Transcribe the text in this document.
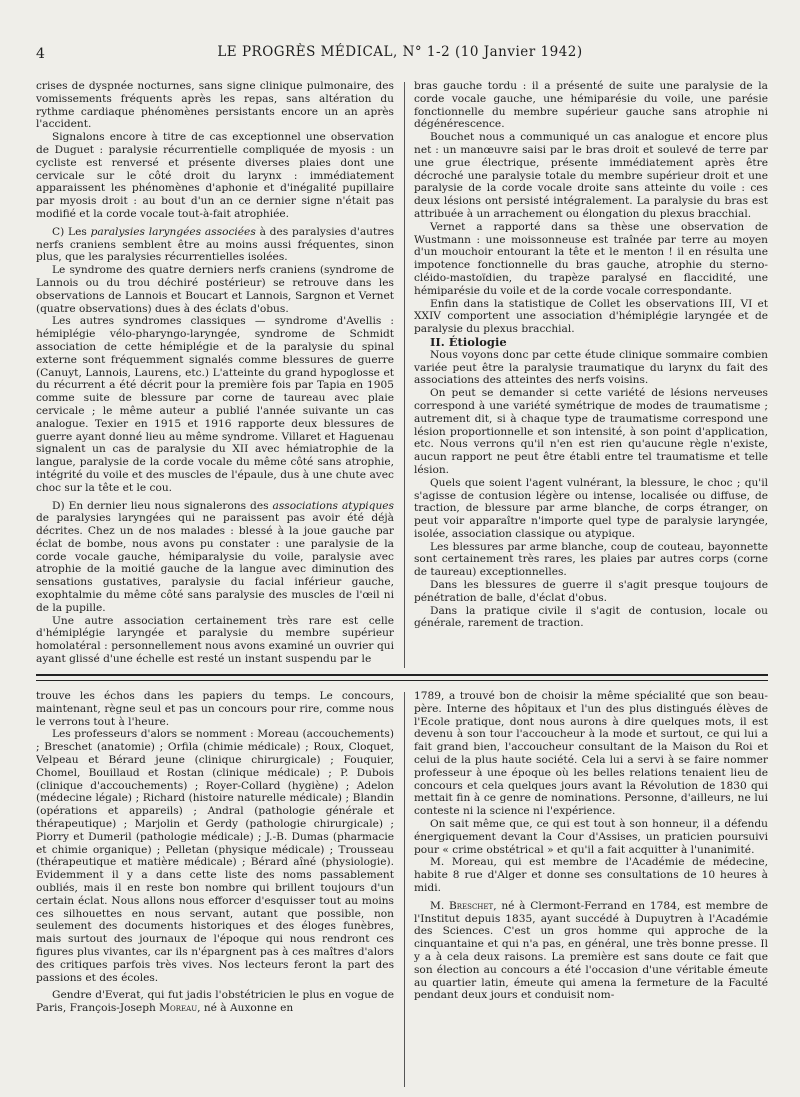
4	LE PROGRÈS MÉDICAL, N° 1-2 (10 Janvier 1942)

crises de dyspnée nocturnes, sans signe clinique pulmonaire, des vomissements fréquents après les repas, sans altération du rythme cardiaque phénomènes persistants encore un an après l'accident.

Signalons encore à titre de cas exceptionnel une observation de Duguet : paralysie récurrentielle compliquée de myosis : un cycliste est renversé et présente diverses plaies dont une cervicale sur le côté droit du larynx : immédiatement apparaissent les phénomènes d'aphonie et d'inégalité pupillaire par myosis droit : au bout d'un an ce dernier signe n'était pas modifié et la corde vocale tout-à-fait atrophiée.

C) Les paralysies laryngées associées à des paralysies d'autres nerfs craniens semblent être au moins aussi fréquentes, sinon plus, que les paralysies récurrentielles isolées.

Le syndrome des quatre derniers nerfs craniens (syndrome de Lannois ou du trou déchiré postérieur) se retrouve dans les observations de Lannois et Boucart et Lannois, Sargnon et Vernet (quatre observations) dues à des éclats d'obus.

Les autres syndromes classiques — syndrome d'Avellis : hémiplégie vélo-pharyngo-laryngée, syndrome de Schmidt association de cette hémiplégie et de la paralysie du spinal externe sont fréquemment signalés comme blessures de guerre (Canuyt, Lannois, Laurens, etc.) L'atteinte du grand hypoglosse et du récurrent a été décrit pour la première fois par Tapia en 1905 comme suite de blessure par corne de taureau avec plaie cervicale ; le même auteur a publié l'année suivante un cas analogue. Texier en 1915 et 1916 rapporte deux blessures de guerre ayant donné lieu au même syndrome. Villaret et Haguenau signalent un cas de paralysie du XII avec hémiatrophie de la langue, paralysie de la corde vocale du même côté sans atrophie, intégrité du voile et des muscles de l'épaule, dus à une chute avec choc sur la tête et le cou.

D) En dernier lieu nous signalerons des associations atypiques de paralysies laryngées qui ne paraissent pas avoir été déjà décrites. Chez un de nos malades : blessé à la joue gauche par éclat de bombe, nous avons pu constater : une paralysie de la corde vocale gauche, hémiparalysie du voile, paralysie avec atrophie de la moitié gauche de la langue avec diminution des sensations gustatives, paralysie du facial inférieur gauche, exophtalmie du même côté sans paralysie des muscles de l'œil ni de la pupille.

Une autre association certainement très rare est celle d'hémiplégie laryngée et paralysie du membre supérieur homolatéral : personnellement nous avons examiné un ouvrier qui ayant glissé d'une échelle est resté un instant suspendu par le

bras gauche tordu : il a présenté de suite une paralysie de la corde vocale gauche, une hémiparésie du voile, une parésie fonctionnelle du membre supérieur gauche sans atrophie ni dégénérescence.

Bouchet nous a communiqué un cas analogue et encore plus net : un manœuvre saisi par le bras droit et soulevé de terre par une grue électrique, présente immédiatement après être décroché une paralysie totale du membre supérieur droit et une paralysie de la corde vocale droite sans atteinte du voile : ces deux lésions ont persisté intégralement. La paralysie du bras est attribuée à un arrachement ou élongation du plexus bracchial.

Vernet a rapporté dans sa thèse une observation de Wustmann : une moissonneuse est traînée par terre au moyen d'un mouchoir entourant la tête et le menton ! il en résulta une impotence fonctionnelle du bras gauche, atrophie du sterno-cléido-mastoïdien, du trapèze paralysé en flaccidité, une hémiparésie du voile et de la corde vocale correspondante.

Enfin dans la statistique de Collet les observations III, VI et XXIV comportent une association d'hémiplégie laryngée et de paralysie du plexus bracchial.

II. Étiologie

Nous voyons donc par cette étude clinique sommaire combien variée peut être la paralysie traumatique du larynx du fait des associations des atteintes des nerfs voisins.

On peut se demander si cette variété de lésions nerveuses correspond à une variété symétrique de modes de traumatisme ; autrement dit, si à chaque type de traumatisme correspond une lésion proportionnelle et son intensité, à son point d'application, etc. Nous verrons qu'il n'en est rien qu'aucune règle n'existe, aucun rapport ne peut être établi entre tel traumatisme et telle lésion.

Quels que soient l'agent vulnérant, la blessure, le choc ; qu'il s'agisse de contusion légère ou intense, localisée ou diffuse, de traction, de blessure par arme blanche, de corps étranger, on peut voir apparaître n'importe quel type de paralysie laryngée, isolée, association classique ou atypique.

Les blessures par arme blanche, coup de couteau, bayonnette sont certainement très rares, les plaies par autres corps (corne de taureau) exceptionnelles.

Dans les blessures de guerre il s'agit presque toujours de pénétration de balle, d'éclat d'obus.

Dans la pratique civile il s'agit de contusion, locale ou générale, rarement de traction.

trouve les échos dans les papiers du temps. Le concours, maintenant, règne seul et pas un concours pour rire, comme nous le verrons tout à l'heure.

Les professeurs d'alors se nomment : Moreau (accouchements) ; Breschet (anatomie) ; Orfila (chimie médicale) ; Roux, Cloquet, Velpeau et Bérard jeune (clinique chirurgicale) ; Fouquier, Chomel, Bouillaud et Rostan (clinique médicale) ; P. Dubois (clinique d'accouchements) ; Royer-Collard (hygiène) ; Adelon (médecine légale) ; Richard (histoire naturelle médicale) ; Blandin (opérations et appareils) ; Andral (pathologie générale et thérapeutique) ; Marjolin et Gerdy (pathologie chirurgicale) ; Piorry et Dumeril (pathologie médicale) ; J.-B. Dumas (pharmacie et chimie organique) ; Pelletan (physique médicale) ; Trousseau (thérapeutique et matière médicale) ; Bérard aîné (physiologie). Evidemment il y a dans cette liste des noms passablement oubliés, mais il en reste bon nombre qui brillent toujours d'un certain éclat. Nous allons nous efforcer d'esquisser tout au moins ces silhouettes en nous servant, autant que possible, non seulement des documents historiques et des éloges funèbres, mais surtout des journaux de l'époque qui nous rendront ces figures plus vivantes, car ils n'épargnent pas à ces maîtres d'alors des critiques parfois très vives. Nos lecteurs feront la part des passions et des écoles.

Gendre d'Everat, qui fut jadis l'obstétricien le plus en vogue de Paris, François-Joseph Moreau, né à Auxonne en

1789, a trouvé bon de choisir la même spécialité que son beau-père. Interne des hôpitaux et l'un des plus distingués élèves de l'Ecole pratique, dont nous aurons à dire quelques mots, il est devenu à son tour l'accoucheur à la mode et surtout, ce qui lui a fait grand bien, l'accoucheur consultant de la Maison du Roi et celui de la plus haute société. Cela lui a servi à se faire nommer professeur à une époque où les belles relations tenaient lieu de concours et cela quelques jours avant la Révolution de 1830 qui mettait fin à ce genre de nominations. Personne, d'ailleurs, ne lui conteste ni la science ni l'expérience.

On sait même que, ce qui est tout à son honneur, il a défendu énergiquement devant la Cour d'Assises, un praticien poursuivi pour « crime obstétrical » et qu'il a fait acquitter à l'unanimité.

M. Moreau, qui est membre de l'Académie de médecine, habite 8 rue d'Alger et donne ses consultations de 10 heures à midi.

M. Breschet, né à Clermont-Ferrand en 1784, est membre de l'Institut depuis 1835, ayant succédé à Dupuytren à l'Académie des Sciences. C'est un gros homme qui approche de la cinquantaine et qui n'a pas, en général, une très bonne presse. Il y a à cela deux raisons. La première est sans doute ce fait que son élection au concours a été l'occasion d'une véritable émeute au quartier latin, émeute qui amena la fermeture de la Faculté pendant deux jours et conduisit nom-
